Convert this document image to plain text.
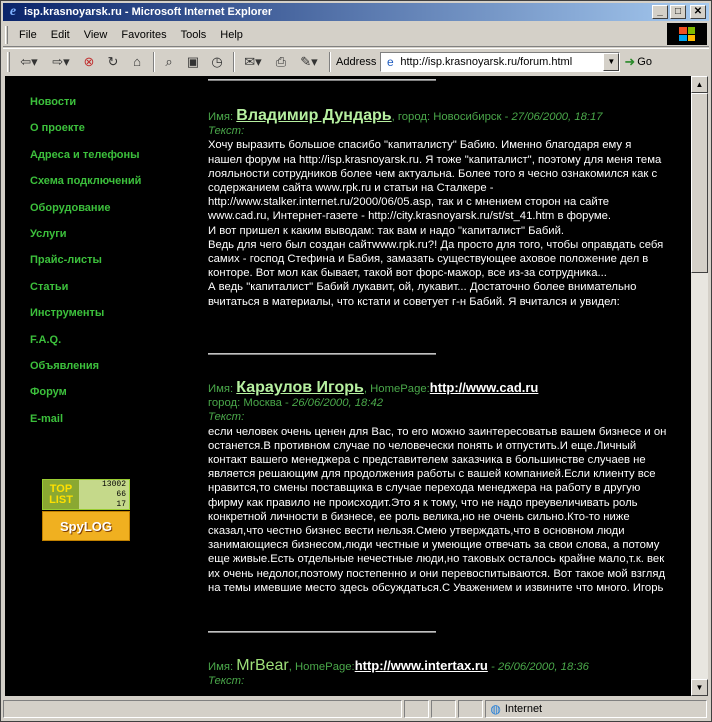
e isp.krasnoyarsk.ru - Microsoft Internet Explorer	_	□	✕
File	Edit	View	Favorites	Tools	Help
⇦▾ ⇨▾ ⊗ ↻ ⌂ ⌕ ▣ ◷ ✉▾ ⎙ ✎▾ Address e http://isp.krasnoyarsk.ru/forum.html	▼ ➜ Go
Новости
О проекте
Адреса и телефоны
Схема подключений
Оборудование
Услуги
Прайс-листы
Статьи
Инструменты
F.A.Q.
Объявления
Форум
E-mail
TOP
LIST
13002
66
17
SpyLOG
Имя: Владимир Дундарь, город: Новосибирск - 27/06/2000, 18:17
Текст:
Хочу выразить большое спасибо "капиталисту" Бабию. Именно благодаря ему я нашел форум на http://isp.krasnoyarsk.ru. Я тоже "капиталист", поэтому для меня тема лояльности сотрудников более чем актуальна. Более того я чесно ознакомился как с содержанием сайта www.rpk.ru и статьи на Сталкере - http://www.stalker.internet.ru/2000/06/05.asp, так и с мнением сторон на сайте www.cad.ru, Интернет-газете - http://city.krasnoyarsk.ru/st/st_41.htm в форуме.
И вот пришел к каким выводам: так вам и надо "капиталист" Бабий.
Ведь для чего был создан сайтwww.rpk.ru?! Да просто для того, чтобы оправдать себя самих - господ Стефина и Бабия, замазать существующее аховое положение дел в конторе. Вот мол как бывает, такой вот форс-мажор, все из-за сотрудника...
А ведь "капиталист" Бабий лукавит, ой, лукавит... Достаточно более внимательно вчитаться в материалы, что кстати и советует г-н Бабий. Я вчитался и увидел:
Имя: Караулов Игорь, HomePage:http://www.cad.ru
город: Москва - 26/06/2000, 18:42
Текст:
если человек очень ценен для Вас, то его можно заинтересоватьв вашем бизнесе и он останется.В противном случае по человечески понять и отпустить.И еще.Личный контакт вашего менеджера с представителем заказчика в большинстве случаев не является решающим для продолжения работы с вашей компанией.Если клиенту все нравится,то смены поставщика в случае перехода менеджера на работу в другую фирму как правило не происходит.Это я к тому, что не надо преувеличивать роль конкретной личности в бизнесе, ее роль велика,но не очень сильно.Кто-то ниже сказал,что честно бизнес вести нельзя.Смею утверждать,что в основном люди занимающиеся бизнесом,люди честные и умеющие отвечать за свои слова, а потому еще живые.Есть отдельные нечестные люди,но таковых осталось крайне мало,т.к. век их очень недолог,поэтому постепенно и они перевоспитываются. Вот такое мой взгляд на темы имевшие место здесь обсуждаться.С Уважением и извините что много. Игорь
Имя: MrBear, HomePage:http://www.intertax.ru - 26/06/2000, 18:36
Текст:
▲
▼
◍ Internet
